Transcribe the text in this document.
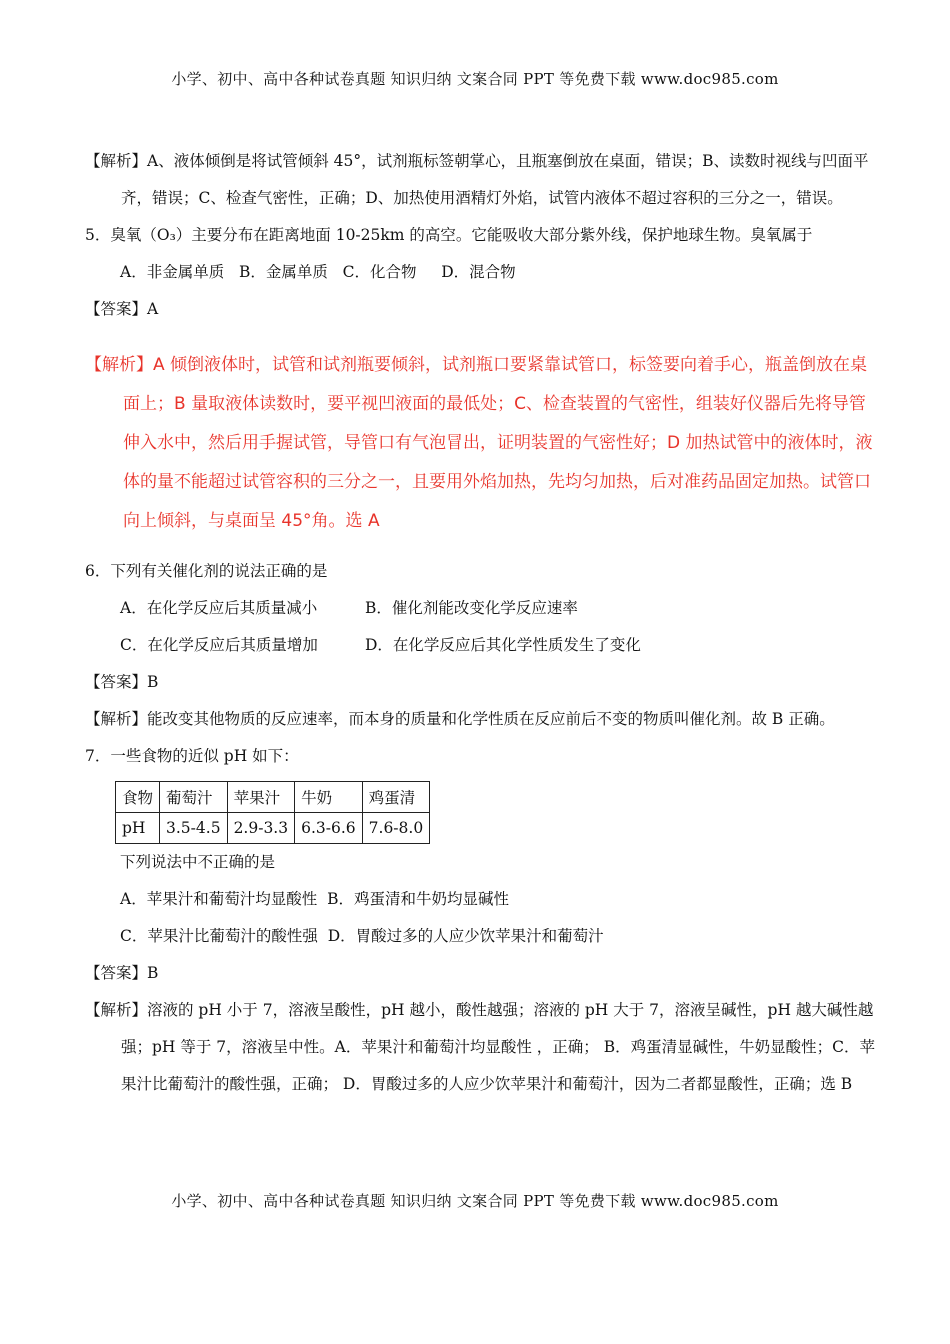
小学、初中、高中各种试卷真题 知识归纳 文案合同 PPT 等免费下载 www.doc985.com

【解析】A、液体倾倒是将试管倾斜 45°，试剂瓶标签朝掌心，且瓶塞倒放在桌面，错误；B、读数时视线与凹面平齐，错误；C、检查气密性，正确；D、加热使用酒精灯外焰，试管内液体不超过容积的三分之一，错误。

5．臭氧（O₃）主要分布在距离地面 10-25km 的高空。它能吸收大部分紫外线，保护地球生物。臭氧属于

A．非金属单质 B．金属单质 C．化合物 D．混合物

【答案】A

【解析】A 倾倒液体时，试管和试剂瓶要倾斜，试剂瓶口要紧靠试管口，标签要向着手心，瓶盖倒放在桌面上；B 量取液体读数时，要平视凹液面的最低处；C、检查装置的气密性，组装好仪器后先将导管伸入水中，然后用手握试管，导管口有气泡冒出，证明装置的气密性好；D 加热试管中的液体时，液体的量不能超过试管容积的三分之一，且要用外焰加热，先均匀加热，后对准药品固定加热。试管口向上倾斜，与桌面呈 45°角。选 A

6．下列有关催化剂的说法正确的是

A．在化学反应后其质量减小	B．催化剂能改变化学反应速率

C．在化学反应后其质量增加	D．在化学反应后其化学性质发生了变化

【答案】B

【解析】能改变其他物质的反应速率，而本身的质量和化学性质在反应前后不变的物质叫催化剂。故 B 正确。

7．一些食物的近似 pH 如下：

食物	葡萄汁	苹果汁	牛奶	鸡蛋清
pH	3.5-4.5	2.9-3.3	6.3-6.6	7.6-8.0

下列说法中不正确的是

A．苹果汁和葡萄汁均显酸性 B．鸡蛋清和牛奶均显碱性

C．苹果汁比葡萄汁的酸性强 D．胃酸过多的人应少饮苹果汁和葡萄汁

【答案】B

【解析】溶液的 pH 小于 7，溶液呈酸性，pH 越小，酸性越强；溶液的 pH 大于 7，溶液呈碱性，pH 越大碱性越强；pH 等于 7，溶液呈中性。A．苹果汁和葡萄汁均显酸性 ，正确； B．鸡蛋清显碱性，牛奶显酸性；C．苹果汁比葡萄汁的酸性强，正确； D．胃酸过多的人应少饮苹果汁和葡萄汁，因为二者都显酸性，正确；选 B

小学、初中、高中各种试卷真题 知识归纳 文案合同 PPT 等免费下载 www.doc985.com
